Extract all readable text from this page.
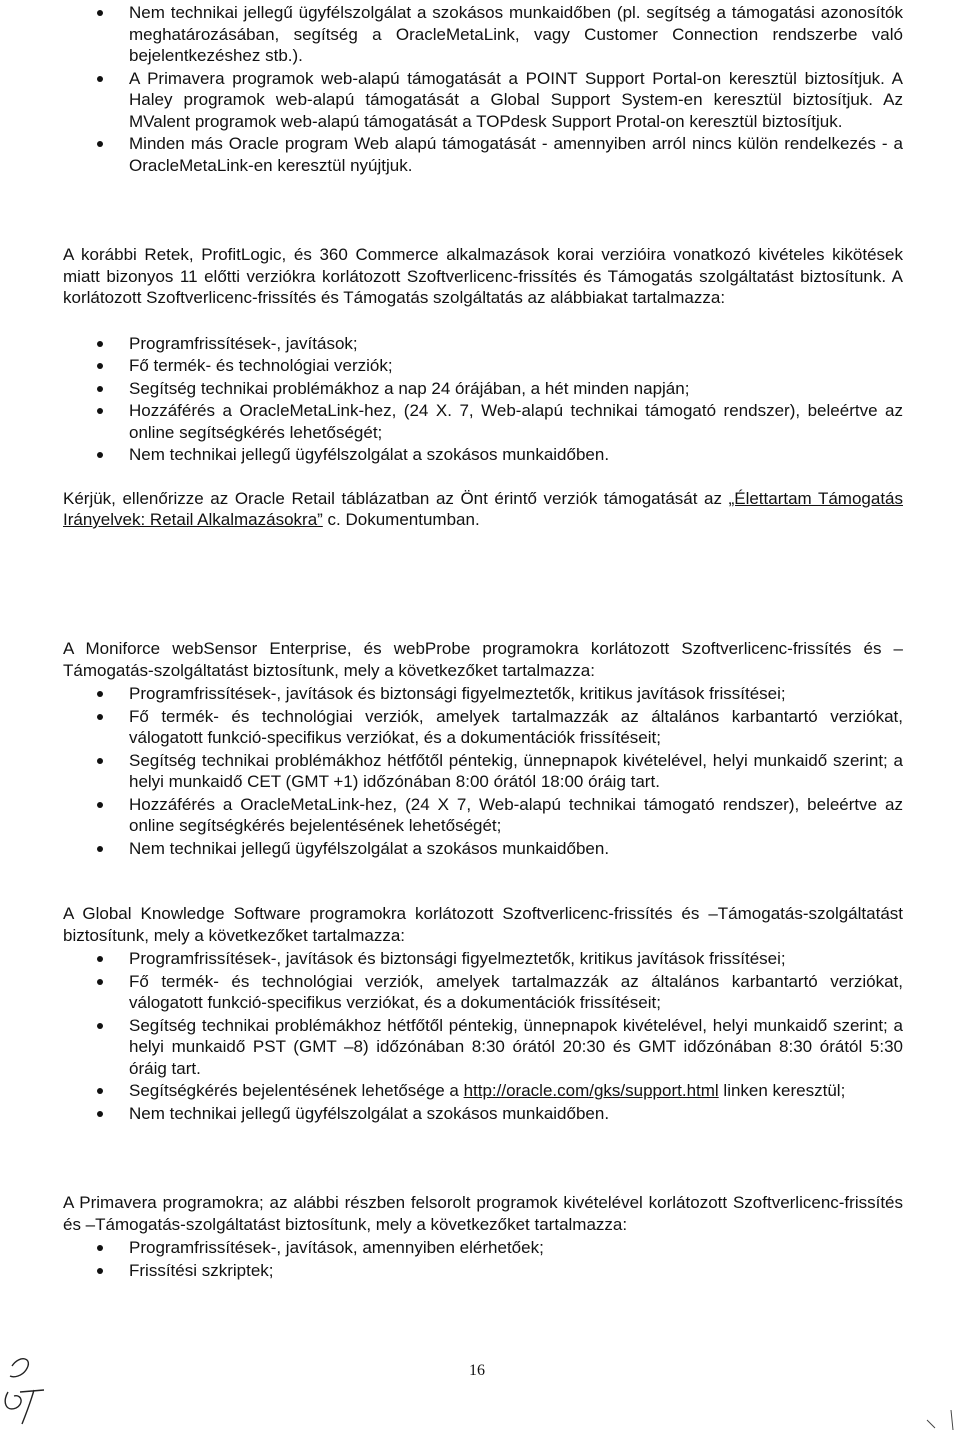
Nem technikai jellegű ügyfélszolgálat a szokásos munkaidőben (pl. segítség a támogatási azonosítók meghatározásában, segítség a OracleMetaLink, vagy Customer Connection rendszerbe való bejelentkezéshez stb.).
A Primavera programok web-alapú támogatását a POINT Support Portal-on keresztül biztosítjuk. A Haley programok web-alapú támogatását a Global Support System-en keresztül biztosítjuk. Az MValent programok web-alapú támogatását a TOPdesk Support Protal-on keresztül biztosítjuk.
Minden más Oracle program Web alapú támogatását - amennyiben arról nincs külön rendelkezés - a OracleMetaLink-en keresztül nyújtjuk.

A korábbi Retek, ProfitLogic, és 360 Commerce alkalmazások korai verzióira vonatkozó kivételes kikötések miatt bizonyos 11 előtti verziókra korlátozott Szoftverlicenc-frissítés és Támogatás szolgáltatást biztosítunk. A korlátozott Szoftverlicenc-frissítés és Támogatás szolgáltatás az alábbiakat tartalmazza:

Programfrissítések-, javítások;
Fő termék- és technológiai verziók;
Segítség technikai problémákhoz a nap 24 órájában, a hét minden napján;
Hozzáférés a OracleMetaLink-hez, (24 X. 7, Web-alapú technikai támogató rendszer), beleértve az online segítségkérés lehetőségét;
Nem technikai jellegű ügyfélszolgálat a szokásos munkaidőben.

Kérjük, ellenőrizze az Oracle Retail táblázatban az Önt érintő verziók támogatását az „Élettartam Támogatás Irányelvek: Retail Alkalmazásokra” c. Dokumentumban.

A Moniforce webSensor Enterprise, és webProbe programokra korlátozott Szoftverlicenc-frissítés és – Támogatás-szolgáltatást biztosítunk, mely a következőket tartalmazza:

Programfrissítések-, javítások és biztonsági figyelmeztetők, kritikus javítások frissítései;
Fő termék- és technológiai verziók, amelyek tartalmazzák az általános karbantartó verziókat, válogatott funkció-specifikus verziókat, és a dokumentációk frissítéseit;
Segítség technikai problémákhoz hétfőtől péntekig, ünnepnapok kivételével, helyi munkaidő szerint; a helyi munkaidő CET (GMT +1) időzónában 8:00 órától 18:00 óráig tart.
Hozzáférés a OracleMetaLink-hez, (24 X 7, Web-alapú technikai támogató rendszer), beleértve az online segítségkérés bejelentésének lehetőségét;
Nem technikai jellegű ügyfélszolgálat a szokásos munkaidőben.

A Global Knowledge Software programokra korlátozott Szoftverlicenc-frissítés és –Támogatás-szolgáltatást biztosítunk, mely a következőket tartalmazza:

Programfrissítések-, javítások és biztonsági figyelmeztetők, kritikus javítások frissítései;
Fő termék- és technológiai verziók, amelyek tartalmazzák az általános karbantartó verziókat, válogatott funkció-specifikus verziókat, és a dokumentációk frissítéseit;
Segítség technikai problémákhoz hétfőtől péntekig, ünnepnapok kivételével, helyi munkaidő szerint; a helyi munkaidő PST (GMT –8) időzónában 8:30 órától 20:30 és GMT időzónában 8:30 órától 5:30 óráig tart.
Segítségkérés bejelentésének lehetősége a http://oracle.com/gks/support.html linken keresztül;
Nem technikai jellegű ügyfélszolgálat a szokásos munkaidőben.

A Primavera programokra; az alábbi részben felsorolt programok kivételével korlátozott Szoftverlicenc-frissítés és –Támogatás-szolgáltatást biztosítunk, mely a következőket tartalmazza:

Programfrissítések-, javítások, amennyiben elérhetőek;
Frissítési szkriptek;
16
